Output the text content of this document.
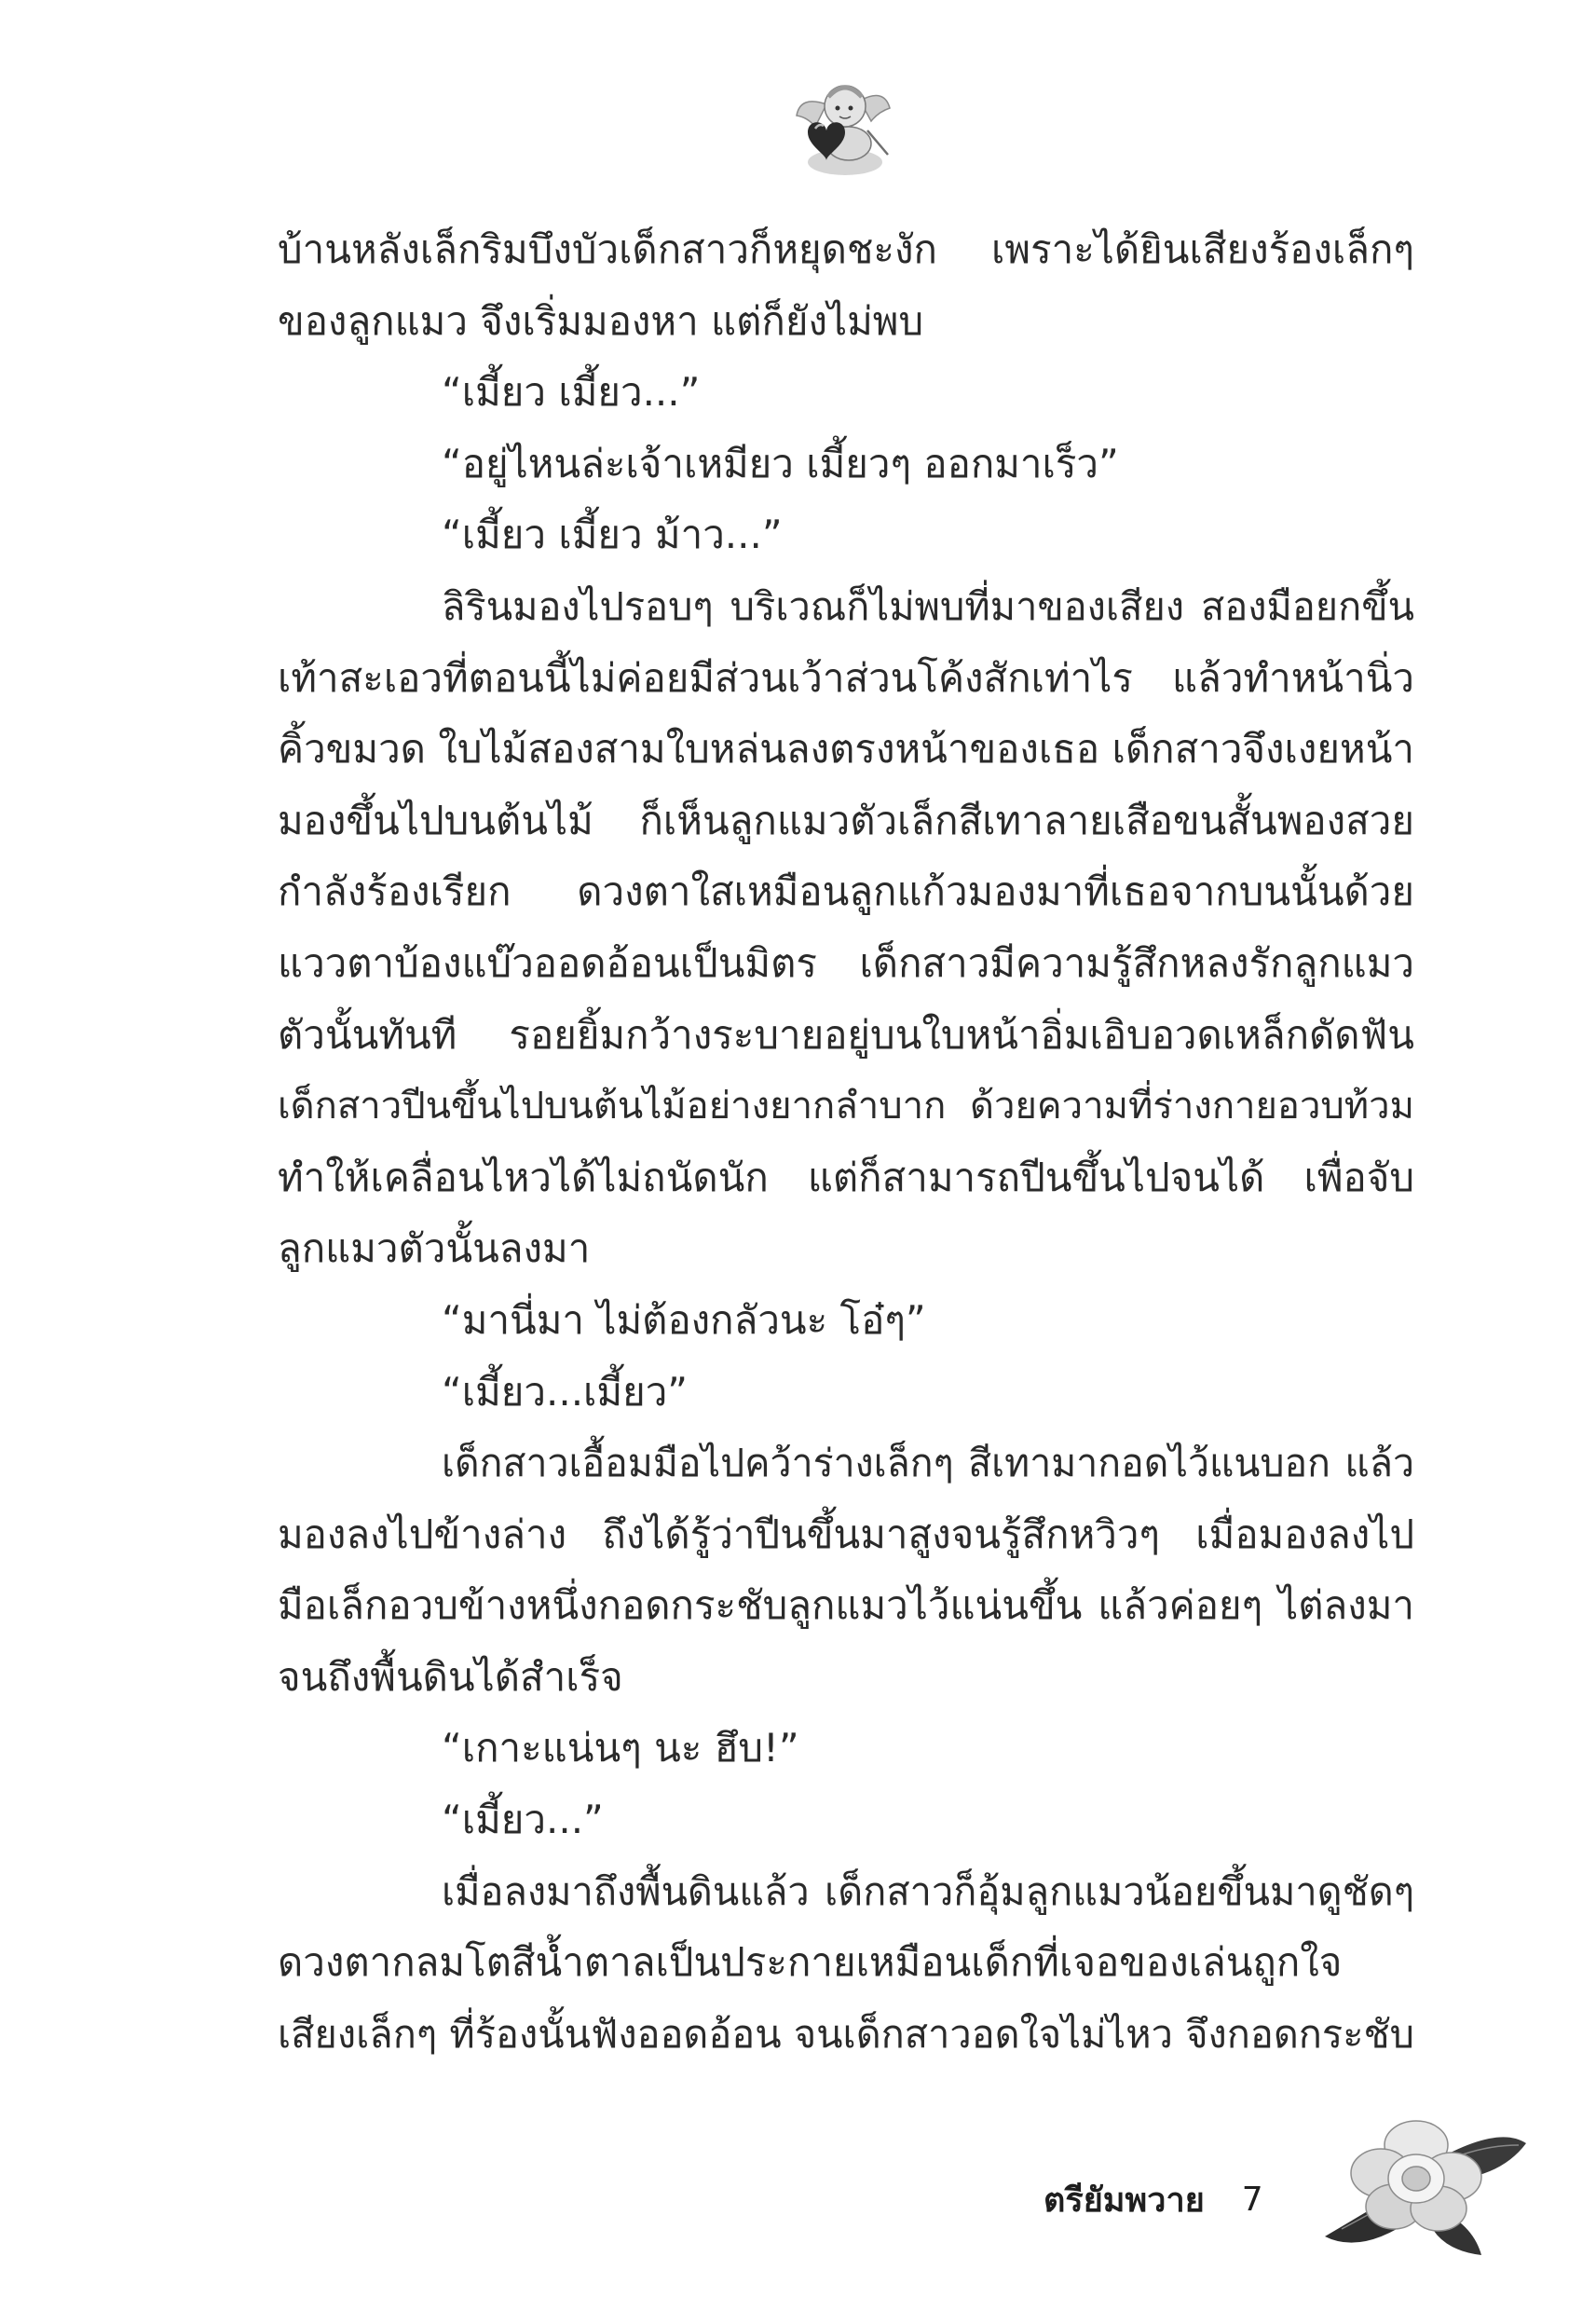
บ้านหลังเล็กริมบึงบัวเด็กสาวก็หยุดชะงัก เพราะได้ยินเสียงร้องเล็กๆ
ของลูกแมว จึงเริ่มมองหา แต่ก็ยังไม่พบ
“เมี้ยว เมี้ยว...”
“อยู่ไหนล่ะเจ้าเหมียว เมี้ยวๆ ออกมาเร็ว”
“เมี้ยว เมี้ยว ม้าว...”
ลิรินมองไปรอบๆ บริเวณก็ไม่พบที่มาของเสียง สองมือยกขึ้น
เท้าสะเอวที่ตอนนี้ไม่ค่อยมีส่วนเว้าส่วนโค้งสักเท่าไร แล้วทำหน้านิ่ว
คิ้วขมวด ใบไม้สองสามใบหล่นลงตรงหน้าของเธอ เด็กสาวจึงเงยหน้า
มองขึ้นไปบนต้นไม้ ก็เห็นลูกแมวตัวเล็กสีเทาลายเสือขนสั้นพองสวย
กำลังร้องเรียก ดวงตาใสเหมือนลูกแก้วมองมาที่เธอจากบนนั้นด้วย
แววตาบ้องแบ๊วออดอ้อนเป็นมิตร เด็กสาวมีความรู้สึกหลงรักลูกแมว
ตัวนั้นทันที รอยยิ้มกว้างระบายอยู่บนใบหน้าอิ่มเอิบอวดเหล็กดัดฟัน
เด็กสาวปีนขึ้นไปบนต้นไม้อย่างยากลำบาก ด้วยความที่ร่างกายอวบท้วม
ทำให้เคลื่อนไหวได้ไม่ถนัดนัก แต่ก็สามารถปีนขึ้นไปจนได้ เพื่อจับ
ลูกแมวตัวนั้นลงมา
“มานี่มา ไม่ต้องกลัวนะ โอ๋ๆ”
“เมี้ยว...เมี้ยว”
เด็กสาวเอื้อมมือไปคว้าร่างเล็กๆ สีเทามากอดไว้แนบอก แล้ว
มองลงไปข้างล่าง ถึงได้รู้ว่าปีนขึ้นมาสูงจนรู้สึกหวิวๆ เมื่อมองลงไป
มือเล็กอวบข้างหนึ่งกอดกระชับลูกแมวไว้แน่นขึ้น แล้วค่อยๆ ไต่ลงมา
จนถึงพื้นดินได้สำเร็จ
“เกาะแน่นๆ นะ ฮึบ!”
“เมี้ยว...”
เมื่อลงมาถึงพื้นดินแล้ว เด็กสาวก็อุ้มลูกแมวน้อยขึ้นมาดูชัดๆ
ดวงตากลมโตสีน้ำตาลเป็นประกายเหมือนเด็กที่เจอของเล่นถูกใจ
เสียงเล็กๆ ที่ร้องนั้นฟังออดอ้อน จนเด็กสาวอดใจไม่ไหว จึงกอดกระชับ
ตรียัมพวาย 7
